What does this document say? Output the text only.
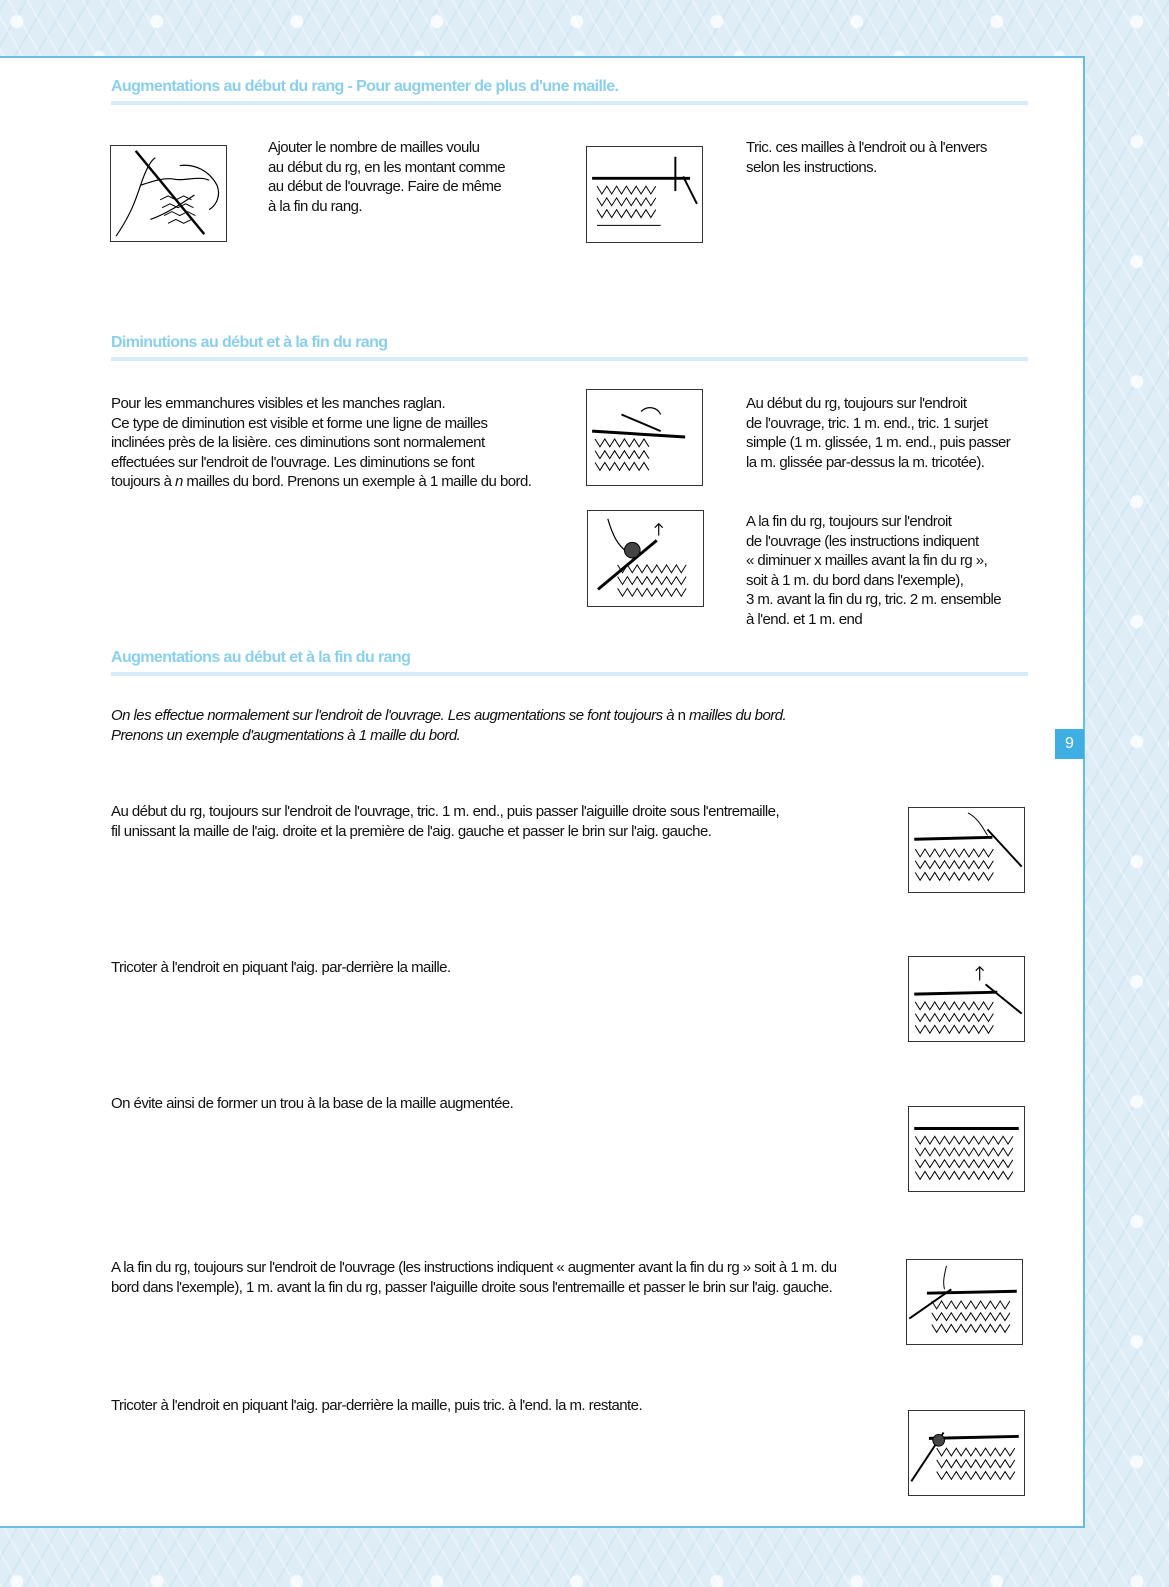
9
Augmentations au début du rang - Pour augmenter de plus d'une maille.
Ajouter le nombre de mailles voulu
au début du rg, en les montant comme
au début de l'ouvrage. Faire de même
à la fin du rang.
Tric. ces mailles à l'endroit ou à l'envers
selon les instructions.
Diminutions au début et à la fin du rang
Pour les emmanchures visibles et les manches raglan.
Ce type de diminution est visible et forme une ligne de mailles
inclinées près de la lisière. ces diminutions sont normalement
effectuées sur l'endroit de l'ouvrage. Les diminutions se font
toujours à n mailles du bord. Prenons un exemple à 1 maille du bord.
Au début du rg, toujours sur l'endroit
de l'ouvrage, tric. 1 m. end., tric. 1 surjet
simple (1 m. glissée, 1 m. end., puis passer
la m. glissée par-dessus la m. tricotée).
A la fin du rg, toujours sur l'endroit
de l'ouvrage (les instructions indiquent
« diminuer x mailles avant la fin du rg »,
soit à 1 m. du bord dans l'exemple),
3 m. avant la fin du rg, tric. 2 m. ensemble
à l'end. et 1 m. end
Augmentations au début et à la fin du rang
On les effectue normalement sur l'endroit de l'ouvrage. Les augmentations se font toujours à n mailles du bord.
Prenons un exemple d'augmentations à 1 maille du bord.
Au début du rg, toujours sur l'endroit de l'ouvrage, tric. 1 m. end., puis passer l'aiguille droite sous l'entremaille,
fil unissant la maille de l'aig. droite et la première de l'aig. gauche et passer le brin sur l'aig. gauche.
Tricoter à l'endroit en piquant l'aig. par-derrière la maille.
On évite ainsi de former un trou à la base de la maille augmentée.
A la fin du rg, toujours sur l'endroit de l'ouvrage (les instructions indiquent « augmenter avant la fin du rg » soit à 1 m. du
bord dans l'exemple), 1 m. avant la fin du rg, passer l'aiguille droite sous l'entremaille et passer le brin sur l'aig. gauche.
Tricoter à l'endroit en piquant l'aig. par-derrière la maille, puis tric. à l'end. la m. restante.
